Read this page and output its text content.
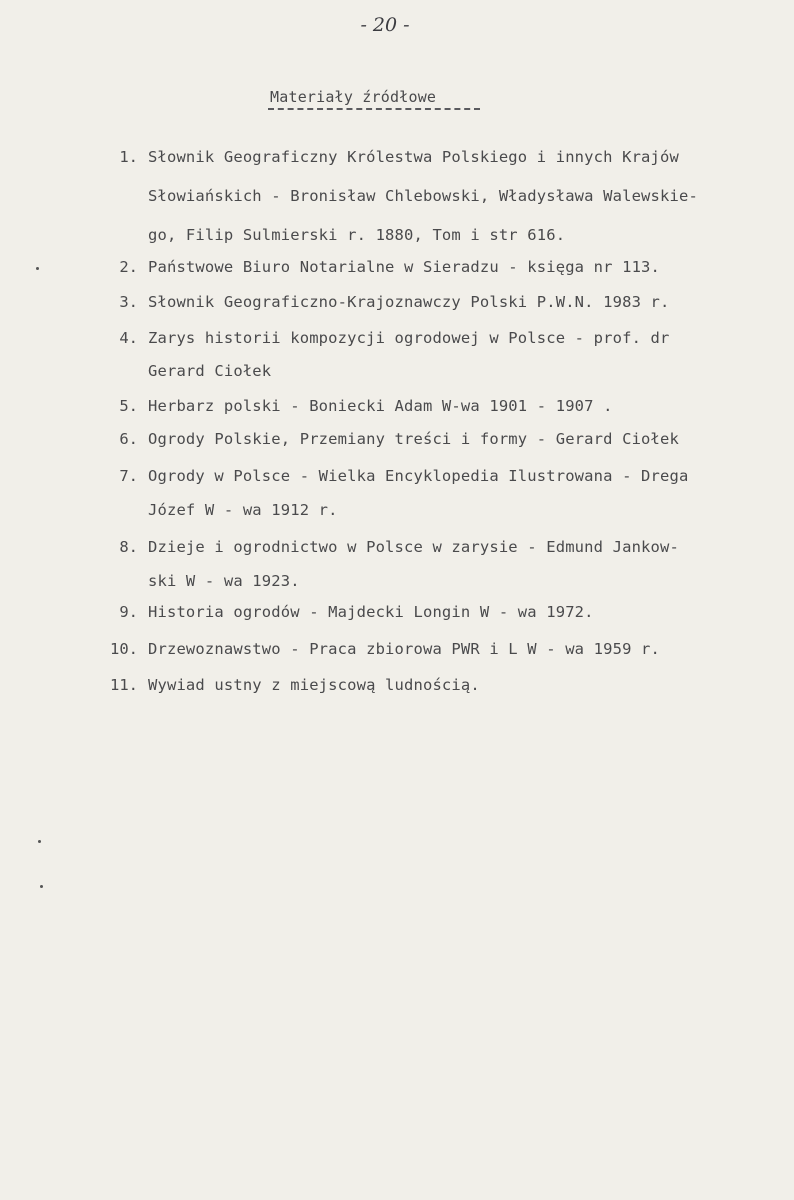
- 20 -
Materiały źródłowe
1. Słownik Geograficzny Królestwa Polskiego i innych Krajów
Słowiańskich - Bronisław Chlebowski, Władysława Walewskie-
go, Filip Sulmierski r. 1880, Tom i str 616.
2. Państwowe Biuro Notarialne w Sieradzu - księga nr 113.
3. Słownik Geograficzno-Krajoznawczy Polski P.W.N. 1983 r.
4. Zarys historii kompozycji ogrodowej w Polsce - prof. dr
Gerard Ciołek
5. Herbarz polski - Boniecki Adam W-wa 1901 - 1907 .
6. Ogrody Polskie, Przemiany treści i formy - Gerard Ciołek
7. Ogrody w Polsce - Wielka Encyklopedia Ilustrowana - Drega
Józef W - wa 1912 r.
8. Dzieje i ogrodnictwo w Polsce w zarysie - Edmund Jankow-
ski W - wa 1923.
9. Historia ogrodów - Majdecki Longin W - wa 1972.
10. Drzewoznawstwo - Praca zbiorowa PWR i L W - wa 1959 r.
11. Wywiad ustny z miejscową ludnością.
